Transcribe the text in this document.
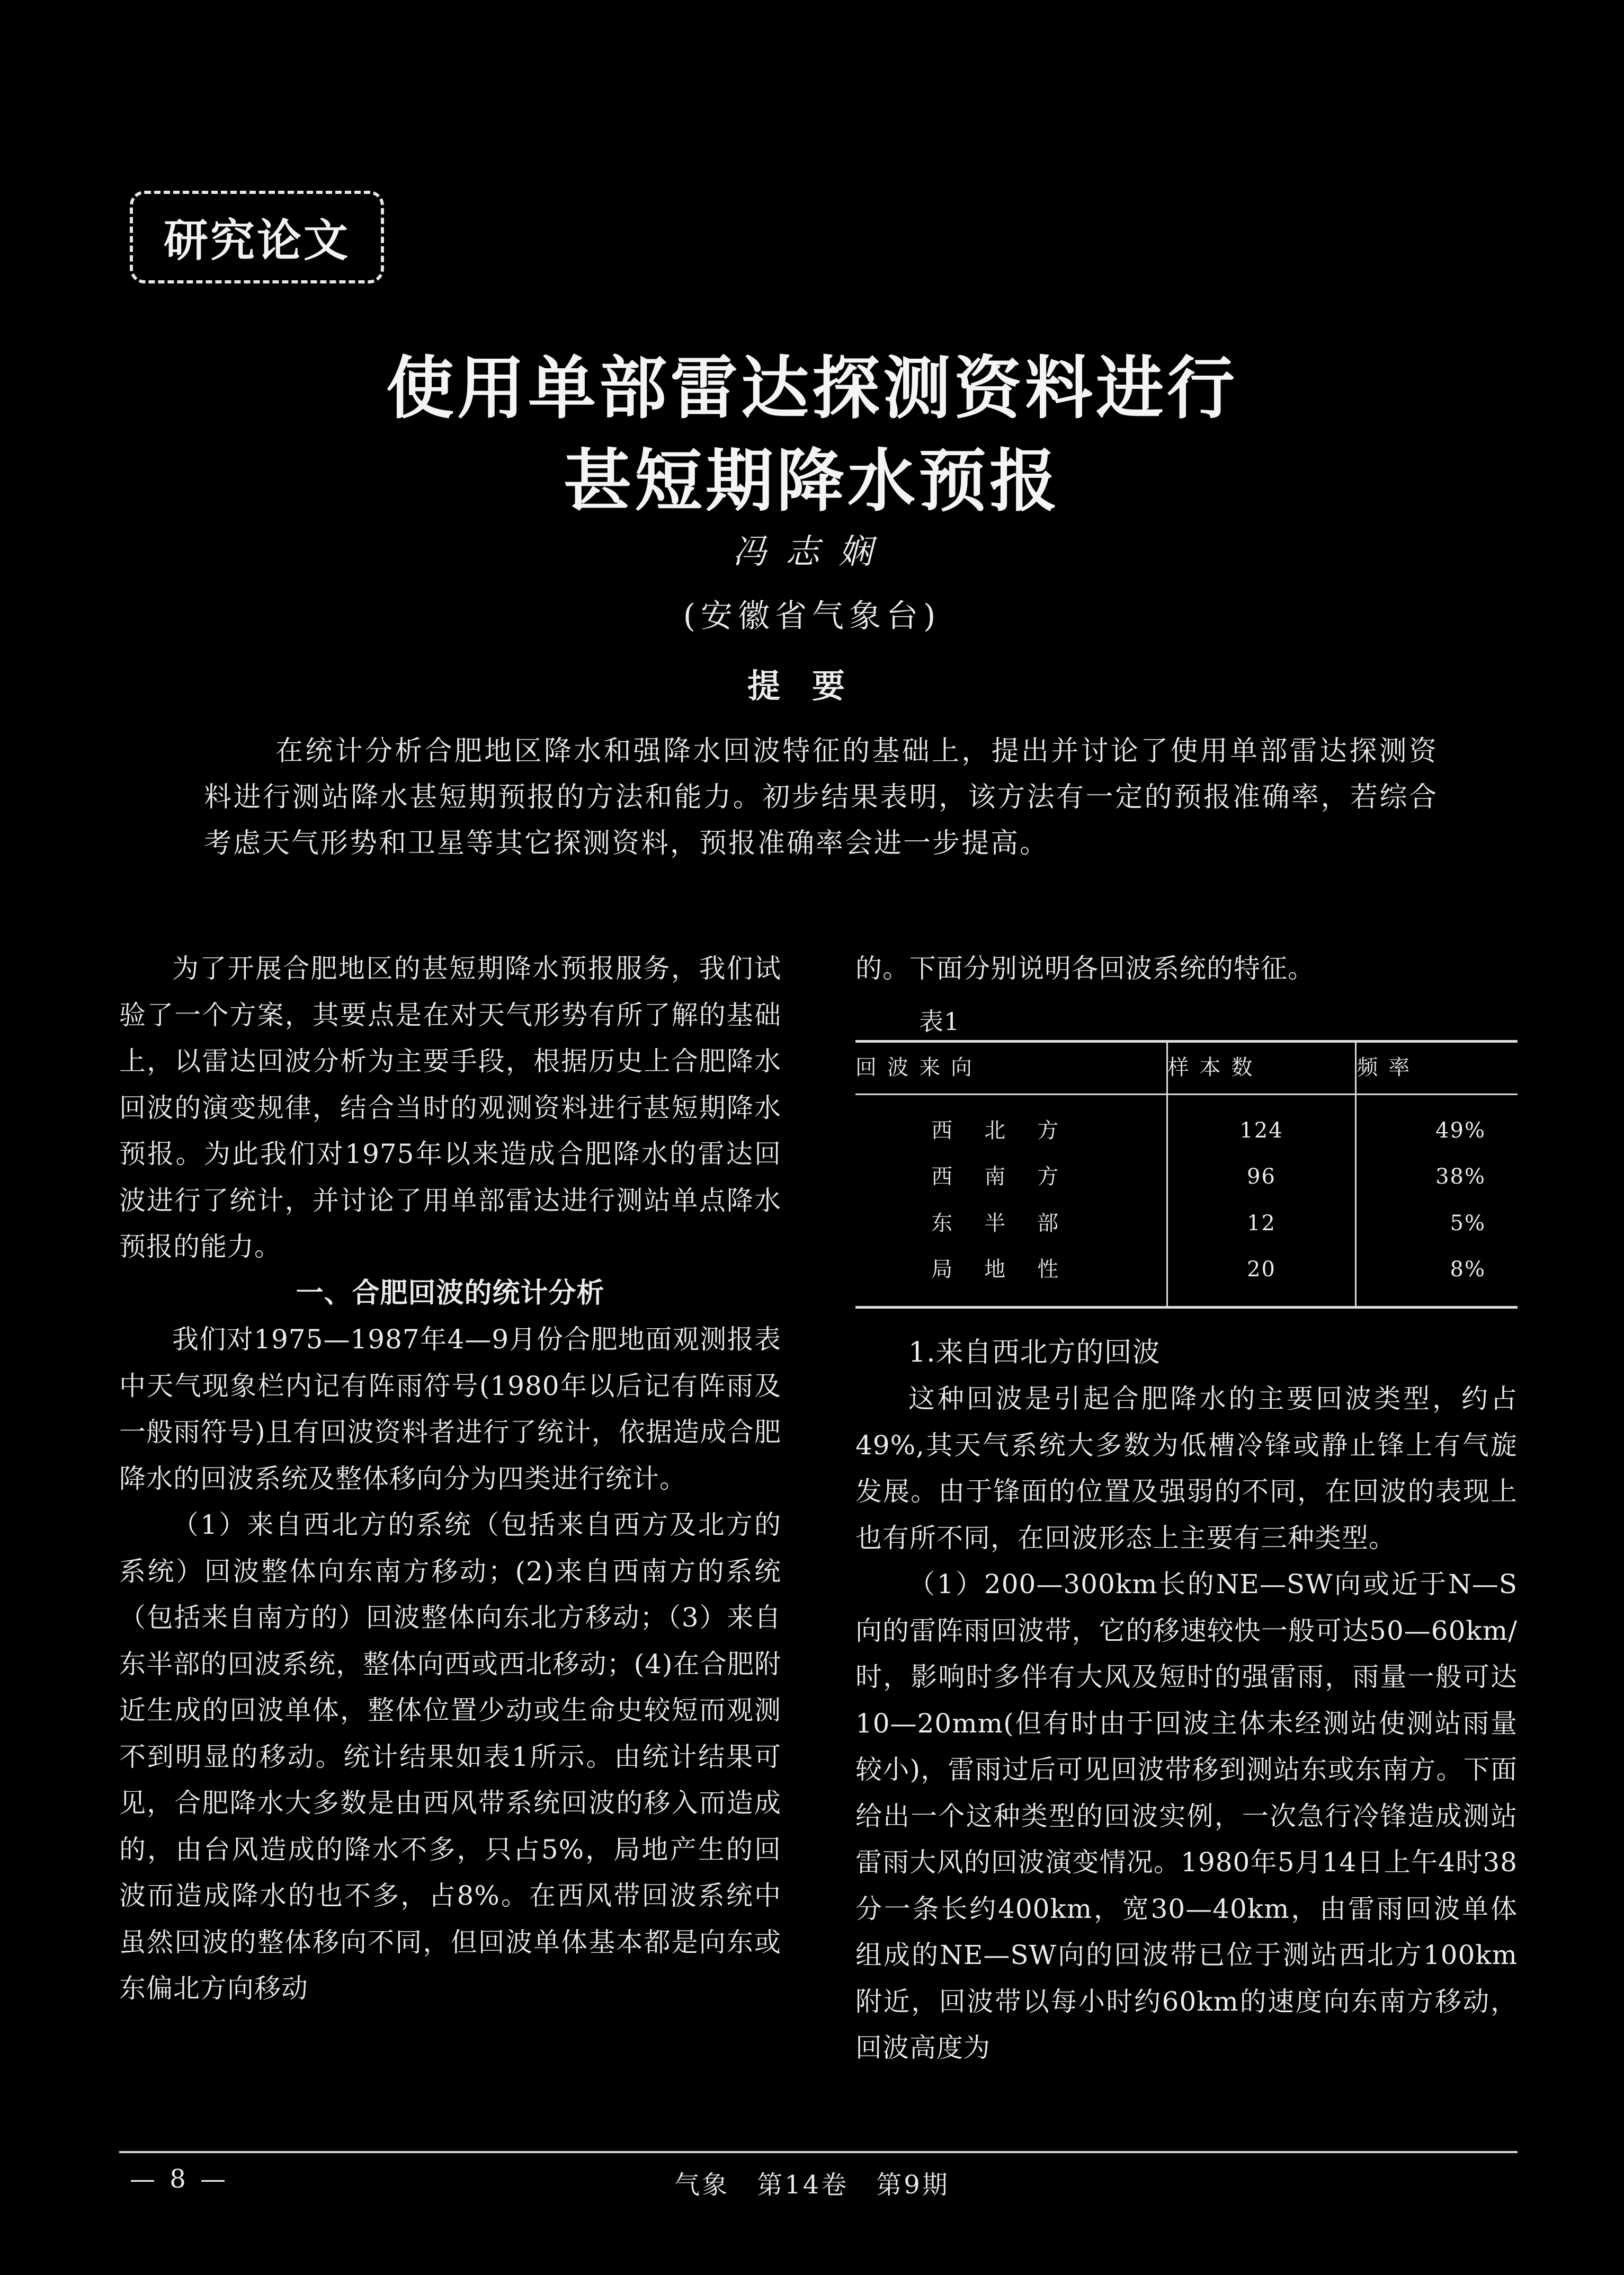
研究论文
使用单部雷达探测资料进行
甚短期降水预报
冯志娴
(安徽省气象台)
提要

在统计分析合肥地区降水和强降水回波特征的基础上，提出并讨论了使用单部雷达探测资料进行测站降水甚短期预报的方法和能力。初步结果表明，该方法有一定的预报准确率，若综合考虑天气形势和卫星等其它探测资料，预报准确率会进一步提高。

为了开展合肥地区的甚短期降水预报服务，我们试验了一个方案，其要点是在对天气形势有所了解的基础上，以雷达回波分析为主要手段，根据历史上合肥降水回波的演变规律，结合当时的观测资料进行甚短期降水预报。为此我们对1975年以来造成合肥降水的雷达回波进行了统计，并讨论了用单部雷达进行测站单点降水预报的能力。

一、合肥回波的统计分析

我们对1975—1987年4—9月份合肥地面观测报表中天气现象栏内记有阵雨符号(1980年以后记有阵雨及一般雨符号)且有回波资料者进行了统计，依据造成合肥降水的回波系统及整体移向分为四类进行统计。

（1）来自西北方的系统（包括来自西方及北方的系统）回波整体向东南方移动；(2)来自西南方的系统（包括来自南方的）回波整体向东北方移动；（3）来自东半部的回波系统，整体向西或西北移动；(4)在合肥附近生成的回波单体，整体位置少动或生命史较短而观测不到明显的移动。统计结果如表1所示。由统计结果可见，合肥降水大多数是由西风带系统回波的移入而造成的，由台风造成的降水不多，只占5%，局地产生的回波而造成降水的也不多，占8%。在西风带回波系统中虽然回波的整体移向不同，但回波单体基本都是向东或东偏北方向移动

的。下面分别说明各回波系统的特征。

表1
回波来向	样本数	频率
西北方	124	49%
西南方	96	38%
东半部	12	5%
局地性	20	8%
1.来自西北方的回波

这种回波是引起合肥降水的主要回波类型，约占49%,其天气系统大多数为低槽冷锋或静止锋上有气旋发展。由于锋面的位置及强弱的不同，在回波的表现上也有所不同，在回波形态上主要有三种类型。

（1）200—300km长的NE—SW向或近于N—S向的雷阵雨回波带，它的移速较快一般可达50—60km/时，影响时多伴有大风及短时的强雷雨，雨量一般可达10—20mm(但有时由于回波主体未经测站使测站雨量较小)，雷雨过后可见回波带移到测站东或东南方。下面给出一个这种类型的回波实例，一次急行冷锋造成测站雷雨大风的回波演变情况。1980年5月14日上午4时38分一条长约400km，宽30—40km，由雷雨回波单体组成的NE—SW向的回波带已位于测站西北方100km附近，回波带以每小时约60km的速度向东南方移动，回波高度为

— 8 —	气象　第14卷　第9期
